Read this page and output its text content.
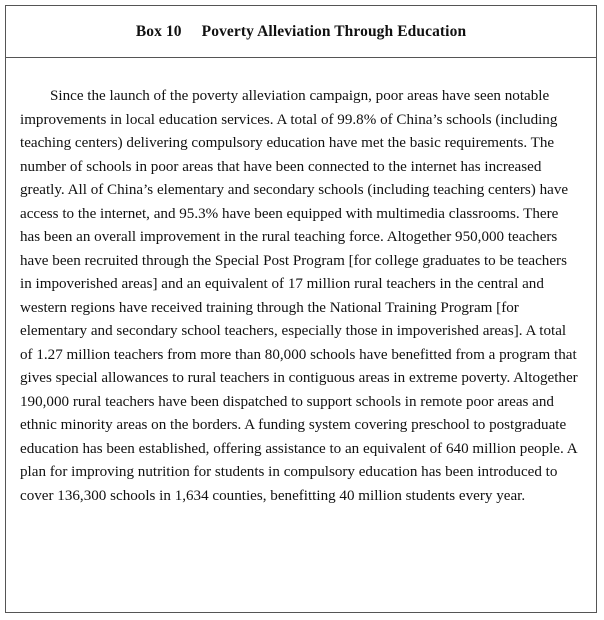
Box 10 Poverty Alleviation Through Education

Since the launch of the poverty alleviation campaign, poor areas have seen notable improvements in local education services. A total of 99.8% of China’s schools (including teaching centers) delivering compulsory education have met the basic requirements. The number of schools in poor areas that have been connected to the internet has increased greatly. All of China’s elementary and secondary schools (including teaching centers) have access to the internet, and 95.3% have been equipped with multimedia classrooms. There has been an overall improvement in the rural teaching force. Altogether 950,000 teachers have been recruited through the Special Post Program [for college graduates to be teachers in impoverished areas] and an equivalent of 17 million rural teachers in the central and western regions have received training through the National Training Program [for elementary and secondary school teachers, especially those in impoverished areas]. A total of 1.27 million teachers from more than 80,000 schools have benefitted from a program that gives special allowances to rural teachers in contiguous areas in extreme poverty. Altogether 190,000 rural teachers have been dispatched to support schools in remote poor areas and ethnic minority areas on the borders. A funding system covering preschool to postgraduate education has been established, offering assistance to an equivalent of 640 million people. A plan for improving nutrition for students in compulsory education has been introduced to cover 136,300 schools in 1,634 counties, benefitting 40 million students every year.
